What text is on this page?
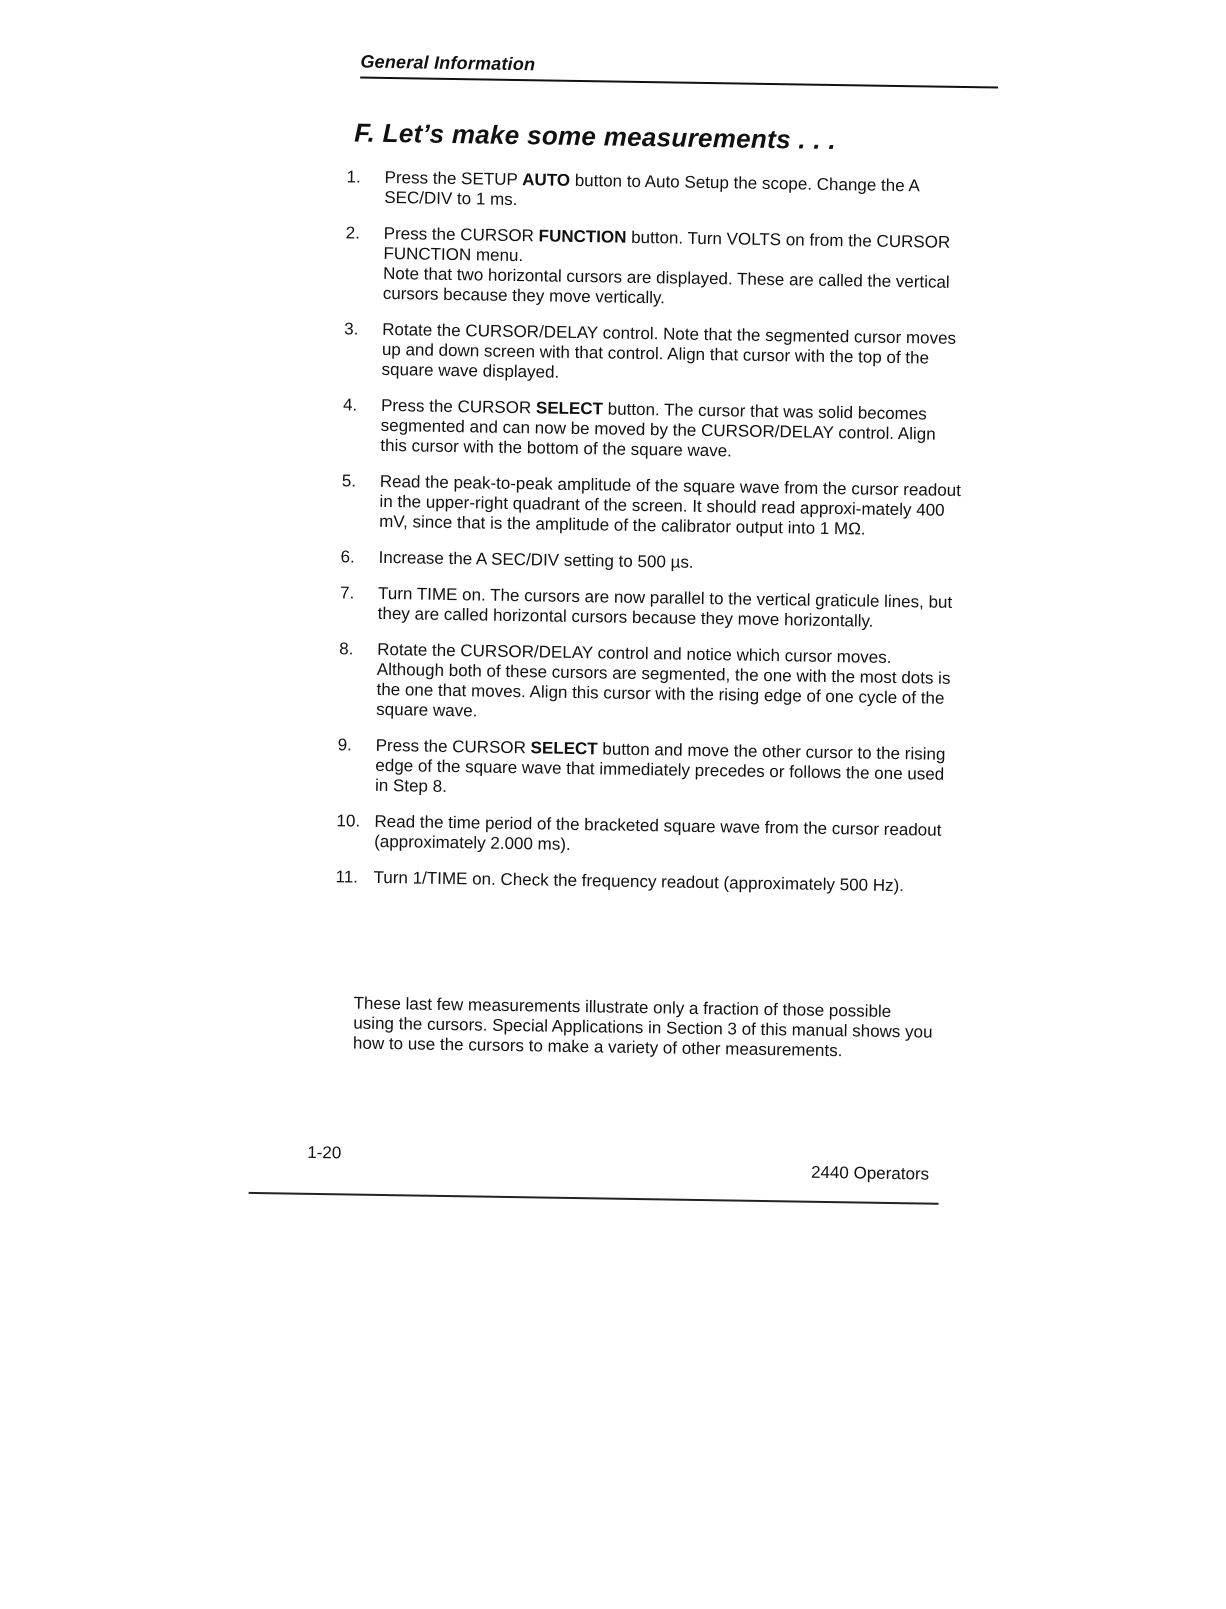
General Information
F. Let’s make some measurements . . .
1.	Press the SETUP AUTO button to Auto Setup the scope. Change the A SEC/DIV to 1 ms.

2.	Press the CURSOR FUNCTION button. Turn VOLTS on from the CURSOR FUNCTION menu.

Note that two horizontal cursors are displayed. These are called the vertical cursors because they move vertically.

3.	Rotate the CURSOR/DELAY control. Note that the segmented cursor moves up and down screen with that control. Align that cursor with the top of the square wave displayed.

4.	Press the CURSOR SELECT button. The cursor that was solid becomes segmented and can now be moved by the CURSOR/DELAY control. Align this cursor with the bottom of the square wave.

5.	Read the peak-to-peak amplitude of the square wave from the cursor readout in the upper-right quadrant of the screen. It should read approxi-mately 400 mV, since that is the amplitude of the calibrator output into 1 MΩ.

6.	Increase the A SEC/DIV setting to 500 µs.

7.	Turn TIME on. The cursors are now parallel to the vertical graticule lines, but they are called horizontal cursors because they move horizontally.

8.	Rotate the CURSOR/DELAY control and notice which cursor moves. Although both of these cursors are segmented, the one with the most dots is the one that moves. Align this cursor with the rising edge of one cycle of the square wave.

9.	Press the CURSOR SELECT button and move the other cursor to the rising edge of the square wave that immediately precedes or follows the one used in Step 8.

10. Read the time period of the bracketed square wave from the cursor readout (approximately 2.000 ms).

11. Turn 1/TIME on. Check the frequency readout (approximately 500 Hz).

These last few measurements illustrate only a fraction of those possible using the cursors. Special Applications in Section 3 of this manual shows you how to use the cursors to make a variety of other measurements.

1-20
2440 Operators
